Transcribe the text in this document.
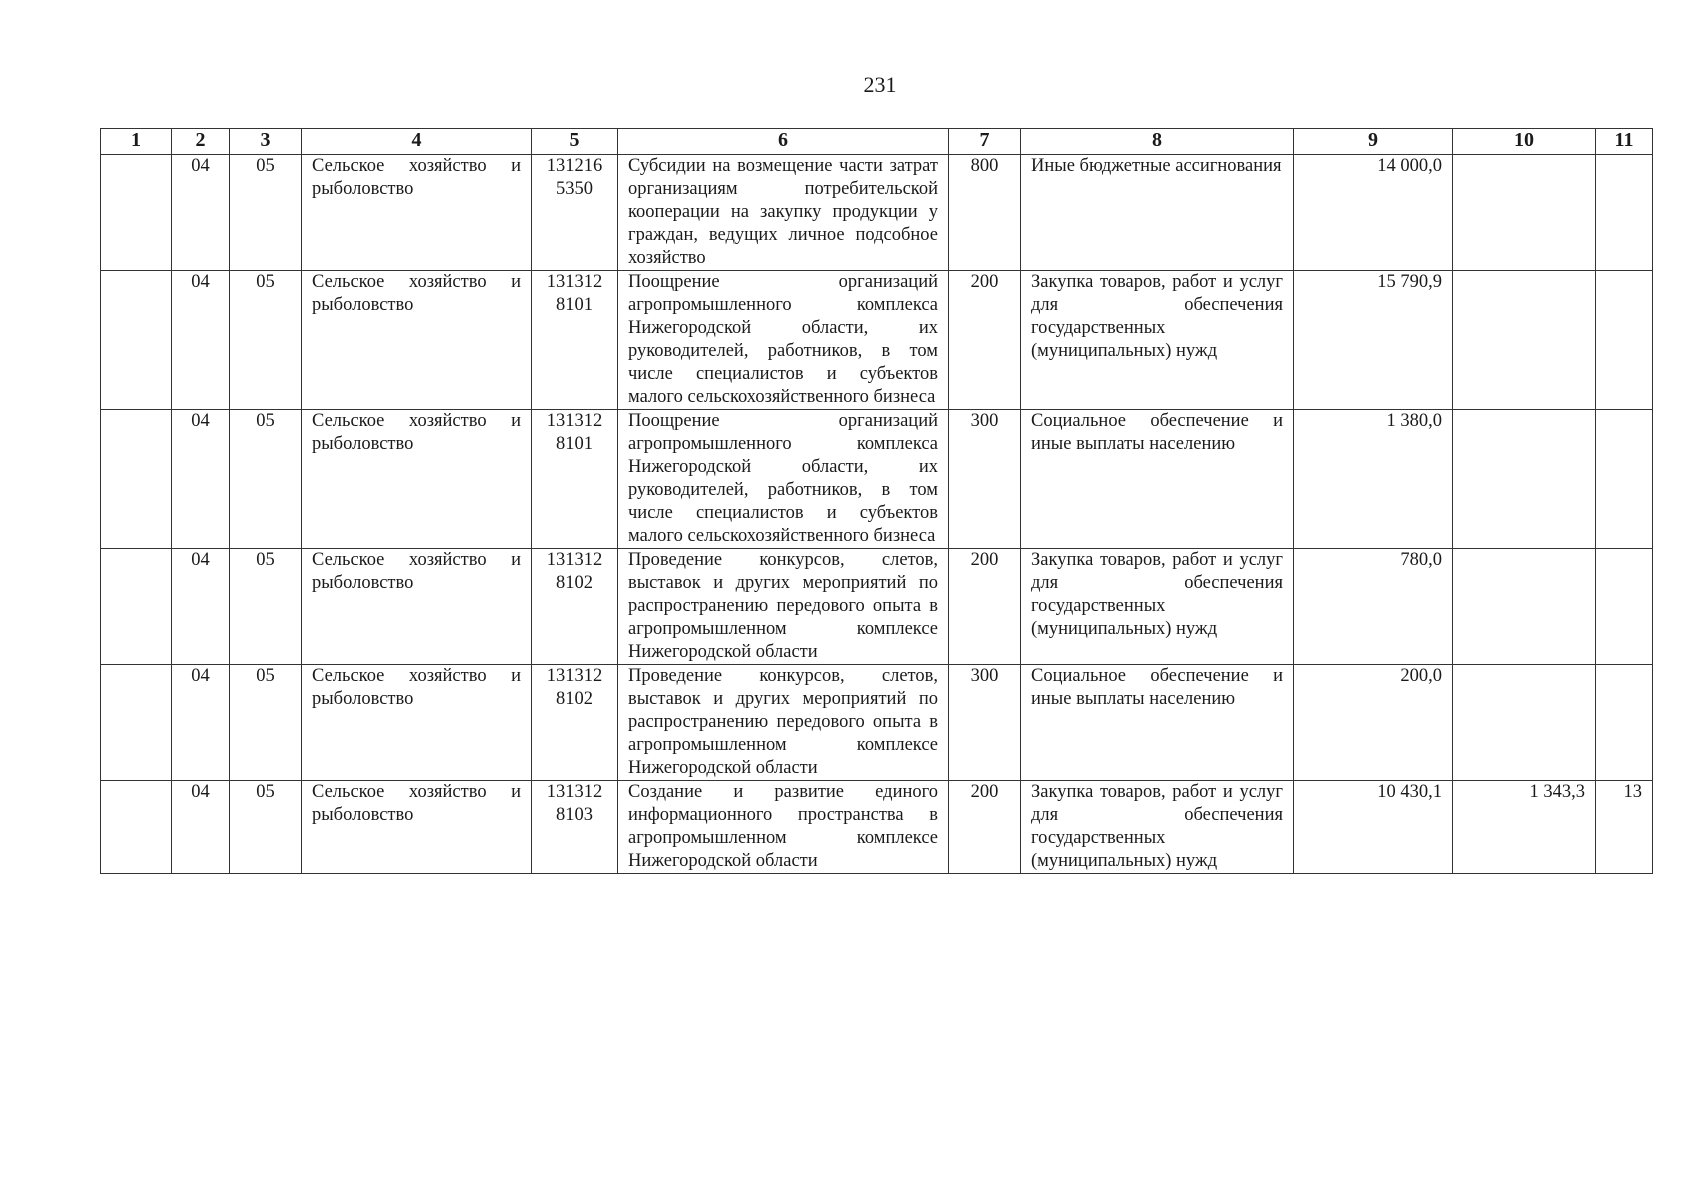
231
1	2	3	4	5	6	7	8	9	10	11
	04	05	Сельское хозяйство и рыболовство	131216 5350	Субсидии на возмещение части затрат организациям потребительской кооперации на закупку продукции у граждан, ведущих личное подсобное хозяйство	800	Иные бюджетные ассигнования	14 000,0		
	04	05	Сельское хозяйство и рыболовство	131312 8101	Поощрение организаций агропромышленного комплекса Нижегородской области, их руководителей, работников, в том числе специалистов и субъектов малого сельскохозяйственного бизнеса	200	Закупка товаров, работ и услуг для обеспечения государственных (муниципальных) нужд	15 790,9		
	04	05	Сельское хозяйство и рыболовство	131312 8101	Поощрение организаций агропромышленного комплекса Нижегородской области, их руководителей, работников, в том числе специалистов и субъектов малого сельскохозяйственного бизнеса	300	Социальное обеспечение и иные выплаты населению	1 380,0		
	04	05	Сельское хозяйство и рыболовство	131312 8102	Проведение конкурсов, слетов, выставок и других мероприятий по распространению передового опыта в агропромышленном комплексе Нижегородской области	200	Закупка товаров, работ и услуг для обеспечения государственных (муниципальных) нужд	780,0		
	04	05	Сельское хозяйство и рыболовство	131312 8102	Проведение конкурсов, слетов, выставок и других мероприятий по распространению передового опыта в агропромышленном комплексе Нижегородской области	300	Социальное обеспечение и иные выплаты населению	200,0		
	04	05	Сельское хозяйство и рыболовство	131312 8103	Создание и развитие единого информационного пространства в агропромышленном комплексе Нижегородской области	200	Закупка товаров, работ и услуг для обеспечения государственных (муниципальных) нужд	10 430,1	1 343,3	13
